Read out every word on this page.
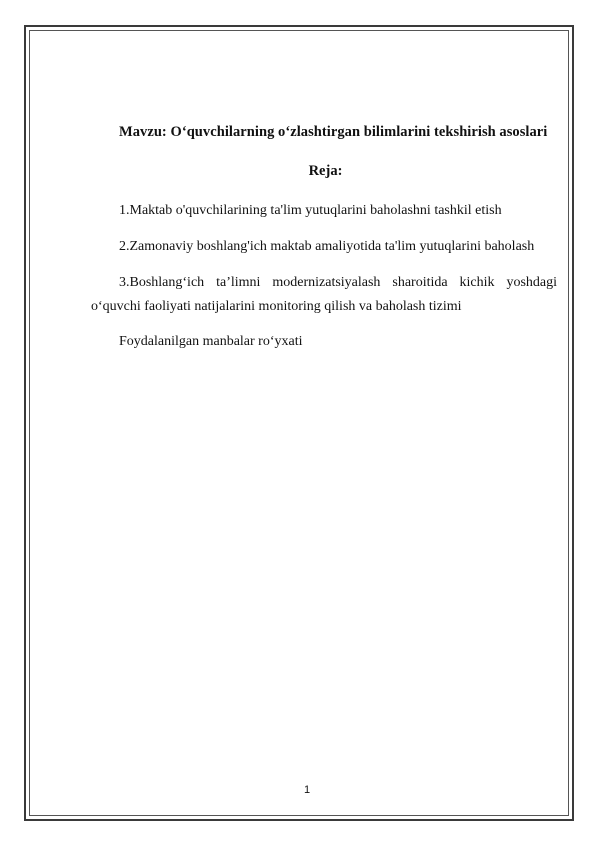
Mavzu: O‘quvchilarning o‘zlashtirgan bilimlarini tekshirish asoslari
Reja:
1.Maktab o'quvchilarining ta'lim yutuqlarini baholashni tashkil etish
2.Zamonaviy boshlang'ich maktab amaliyotida ta'lim yutuqlarini baholash
3.Boshlang‘ich ta’limni modernizatsiyalash sharoitida kichik yoshdagi
o‘quvchi faoliyati natijalarini monitoring qilish va baholash tizimi
Foydalanilgan manbalar ro‘yxati
1
